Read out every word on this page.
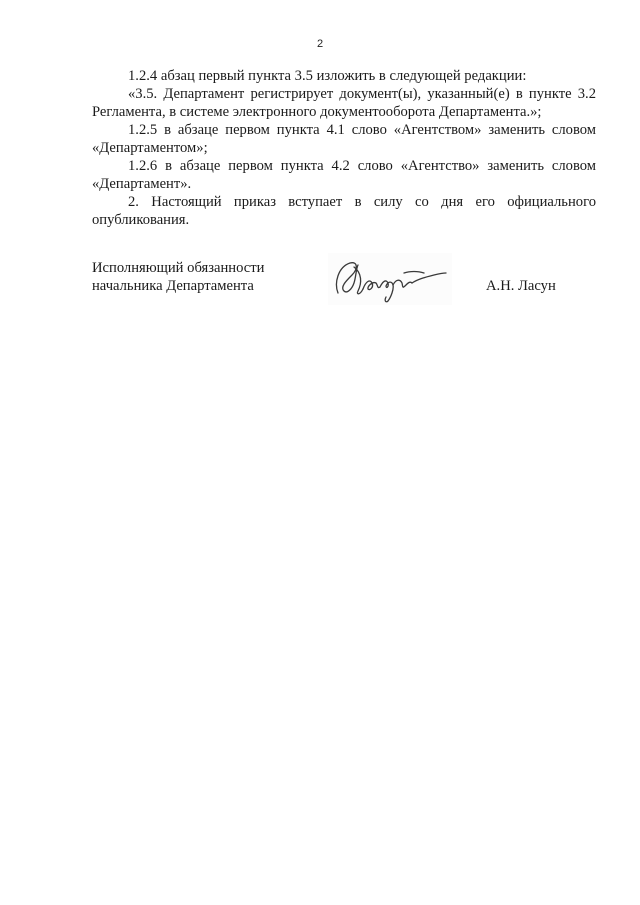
2

1.2.4 абзац первый пункта 3.5 изложить в следующей редакции:

«3.5. Департамент регистрирует документ(ы), указанный(е) в пункте 3.2 Регламента, в системе электронного документооборота Департамента.»;

1.2.5 в абзаце первом пункта 4.1 слово «Агентством» заменить словом «Департаментом»;

1.2.6 в абзаце первом пункта 4.2 слово «Агентство» заменить словом «Департамент».

2. Настоящий приказ вступает в силу со дня его официального опубликования.

Исполняющий обязанности
начальника Департамента	А.Н. Ласун
